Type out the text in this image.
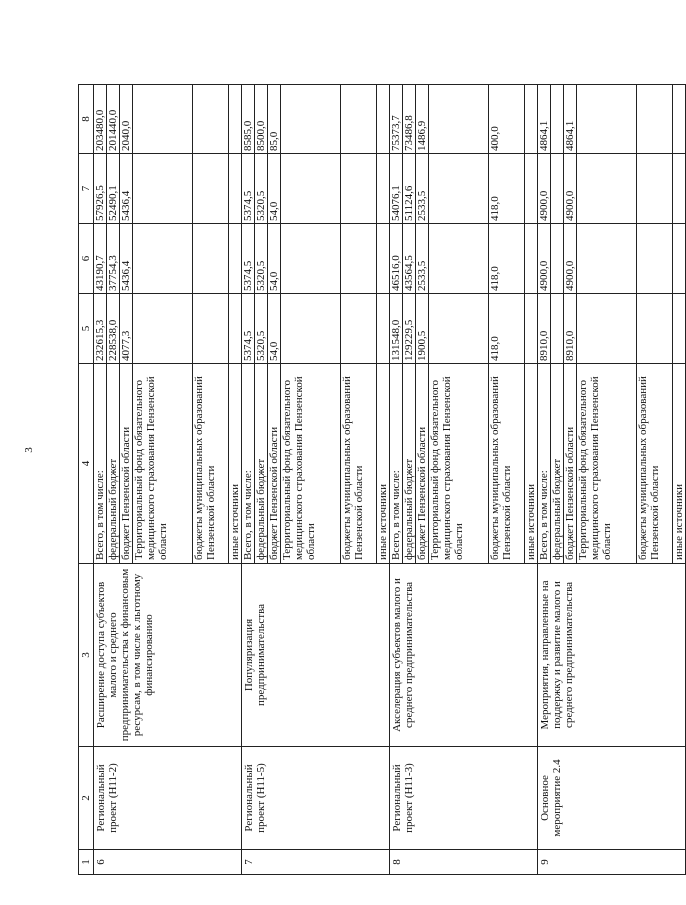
3
1	2	3	4	5	6	7	8
6	Региональный проект (Н11-2)	Расширение доступа субъектов малого и среднего предпринимательства к финансовым ресурсам, в том числе к льготному финансированию	Всего, в том числе:	232615,3	43190,7	57926,5	203480,0
			федеральный бюджет	228538,0	37754,3	52490,1	201440,0
			бюджет Пензенской области	4077,3	5436,4	5436,4	2040,0
			Территориальный фонд обязательного медицинского страхования Пензенской области				
			бюджеты муниципальных образований Пензенской области				
			иные источники				
7	Региональный проект (Н11-5)	Популяризация предпринимательства	Всего, в том числе:	5374,5	5374,5	5374,5	8585,0
			федеральный бюджет	5320,5	5320,5	5320,5	8500,0
			бюджет Пензенской области	54,0	54,0	54,0	85,0
			Территориальный фонд обязательного медицинского страхования Пензенской области				
			бюджеты муниципальных образований Пензенской области				
			иные источники				
8	Региональный проект (Н11-3)	Акселерация субъектов малого и среднего предпринимательства	Всего, в том числе:	131548,0	46516,0	54076,1	75373,7
			федеральный бюджет	129229,5	43564,5	51124,6	73486,8
			бюджет Пензенской области	1900,5	2533,5	2533,5	1486,9
			Территориальный фонд обязательного медицинского страхования Пензенской области				
			бюджеты муниципальных образований Пензенской области	418,0	418,0	418,0	400,0
			иные источники				
9	Основное мероприятие 2.4	Мероприятия, направленные на поддержку и развитие малого и среднего предпринимательства	Всего, в том числе:	8910,0	4900,0	4900,0	4864,1
			федеральный бюджет				
			бюджет Пензенской области	8910,0	4900,0	4900,0	4864,1
			Территориальный фонд обязательного медицинского страхования Пензенской области				
			бюджеты муниципальных образований Пензенской области				
			иные источники				
